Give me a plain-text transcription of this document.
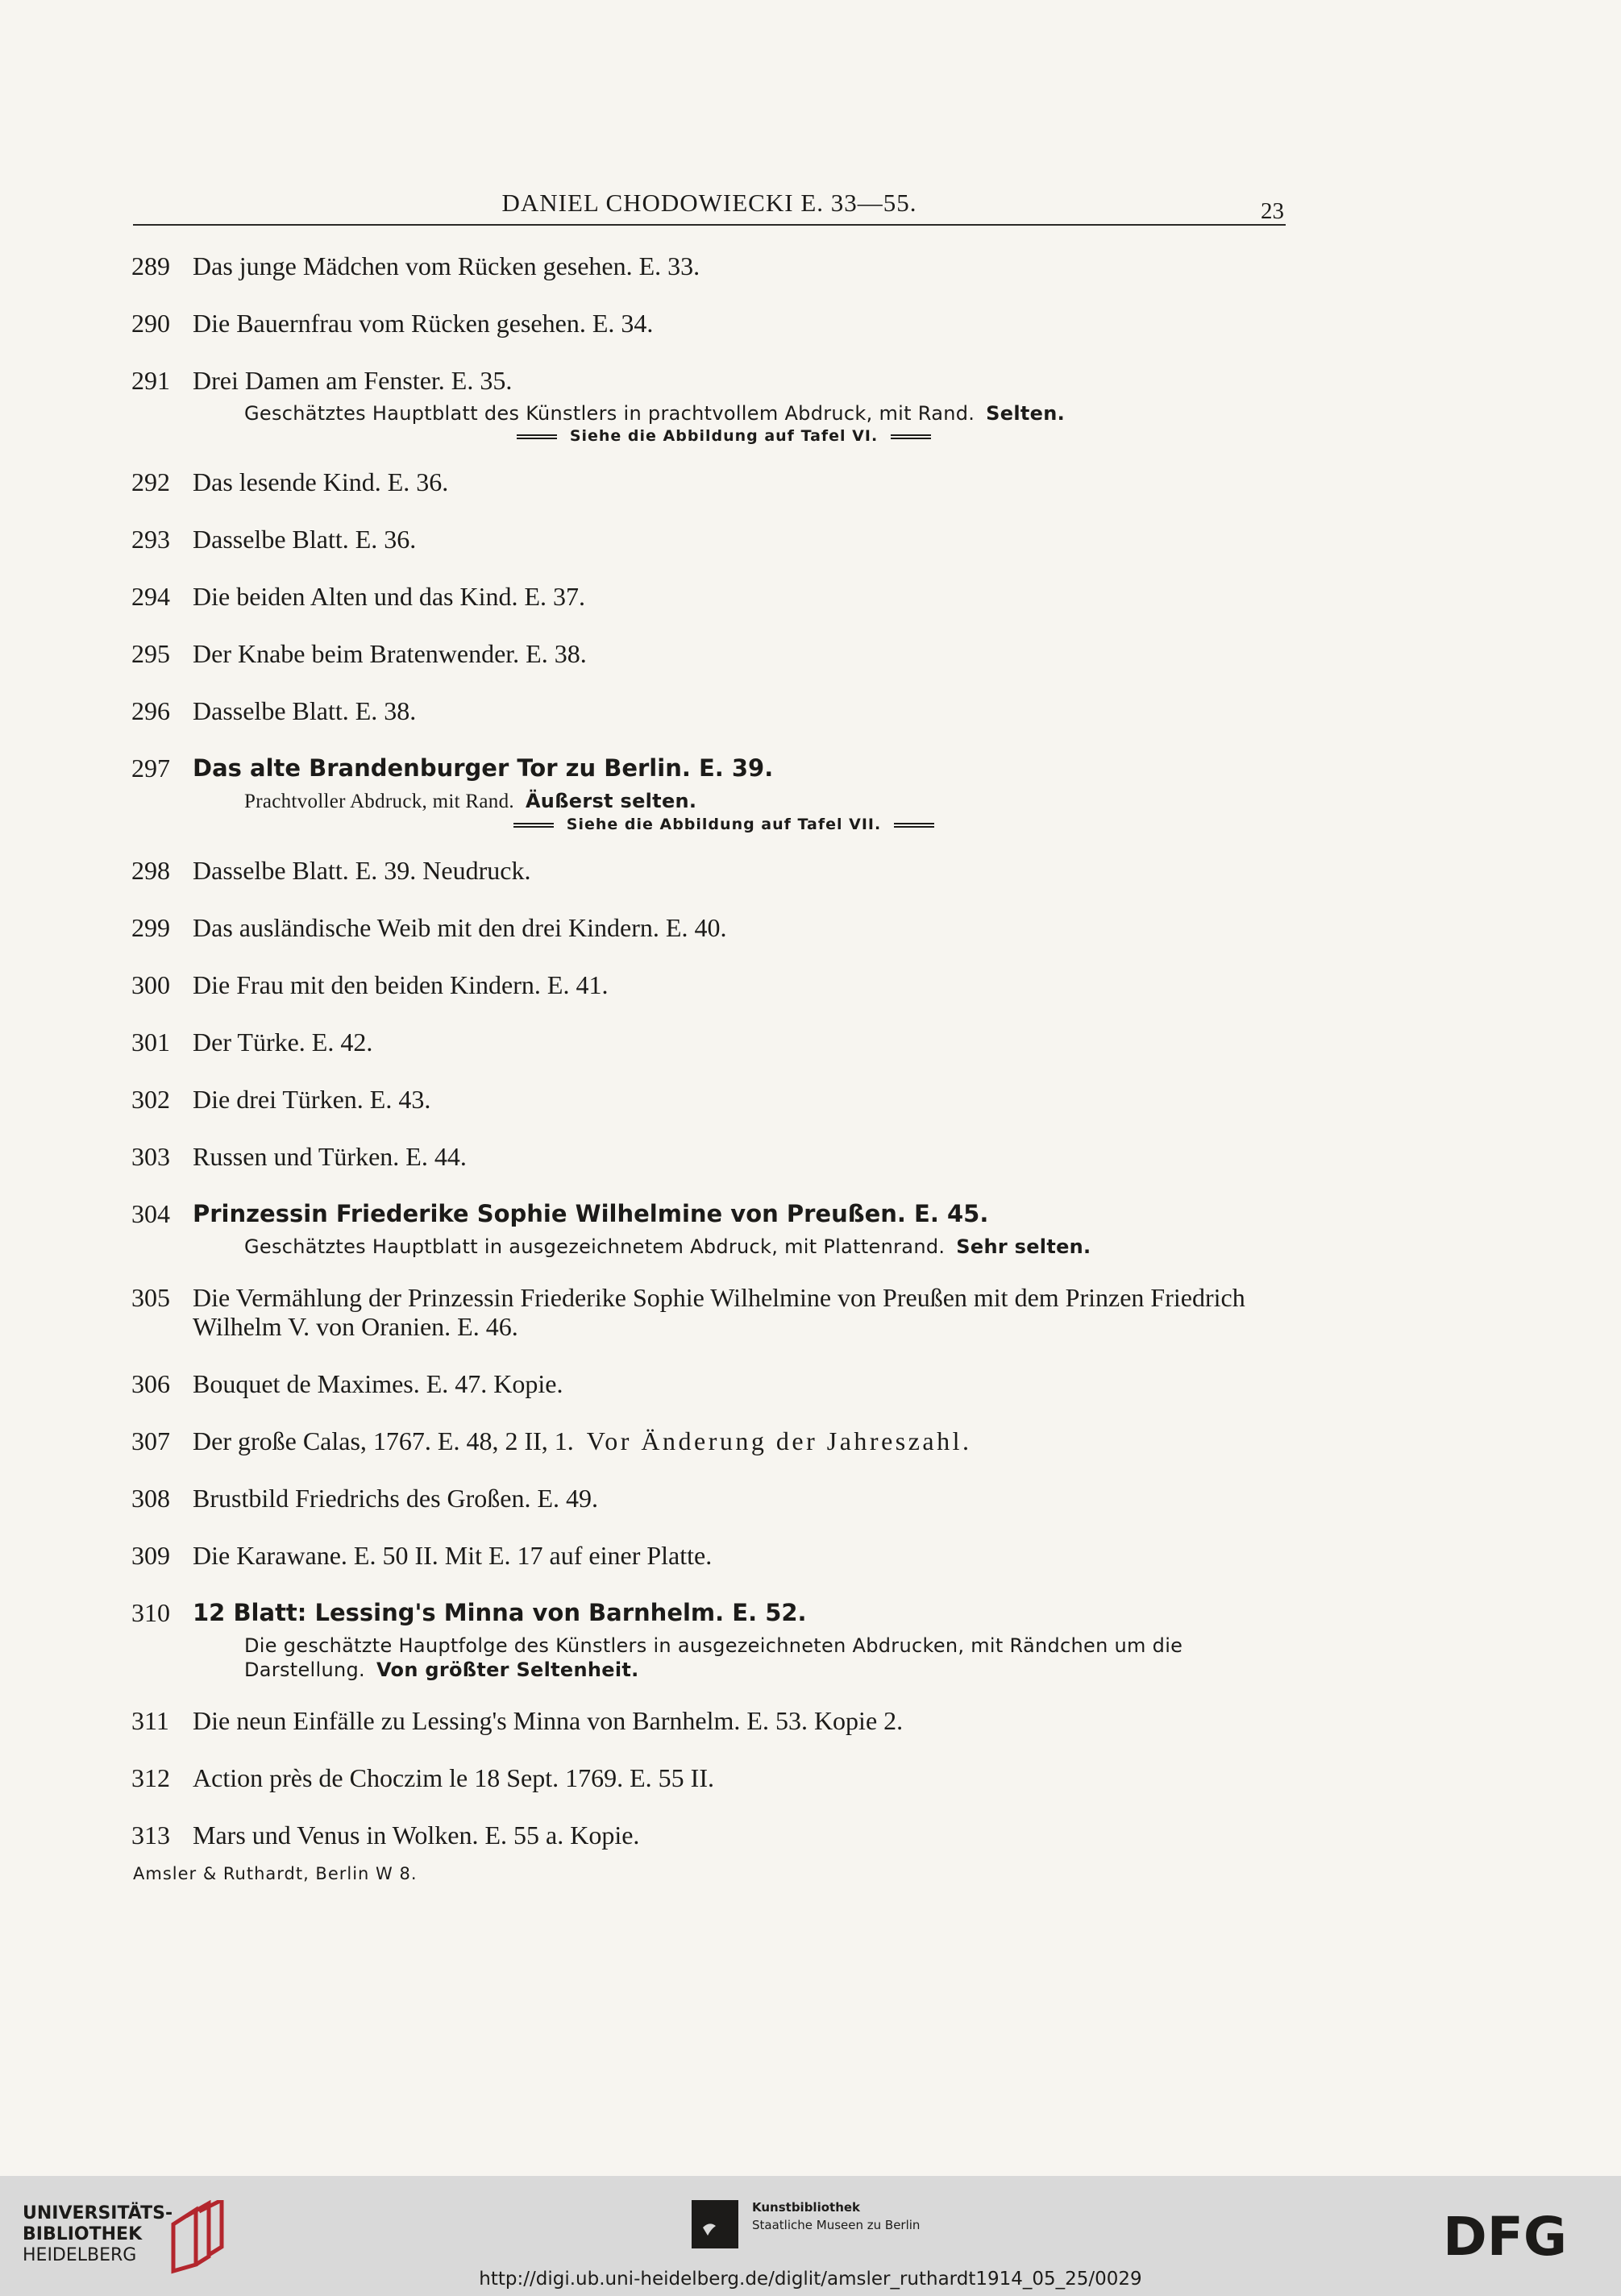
DANIEL CHODOWIECKI E. 33—55.	23
289 Das junge Mädchen vom Rücken gesehen. E. 33.
290 Die Bauernfrau vom Rücken gesehen. E. 34.
291 Drei Damen am Fenster. E. 35.
Geschätztes Hauptblatt des Künstlers in prachtvollem Abdruck, mit Rand. Selten.
Siehe die Abbildung auf Tafel VI.
292 Das lesende Kind. E. 36.
293 Dasselbe Blatt. E. 36.
294 Die beiden Alten und das Kind. E. 37.
295 Der Knabe beim Bratenwender. E. 38.
296 Dasselbe Blatt. E. 38.
297 Das alte Brandenburger Tor zu Berlin. E. 39.
Prachtvoller Abdruck, mit Rand. Äußerst selten.
Siehe die Abbildung auf Tafel VII.
298 Dasselbe Blatt. E. 39. Neudruck.
299 Das ausländische Weib mit den drei Kindern. E. 40.
300 Die Frau mit den beiden Kindern. E. 41.
301 Der Türke. E. 42.
302 Die drei Türken. E. 43.
303 Russen und Türken. E. 44.
304 Prinzessin Friederike Sophie Wilhelmine von Preußen. E. 45.
Geschätztes Hauptblatt in ausgezeichnetem Abdruck, mit Plattenrand. Sehr selten.
305 Die Vermählung der Prinzessin Friederike Sophie Wilhelmine von Preußen mit dem Prinzen Friedrich Wilhelm V. von Oranien. E. 46.
306 Bouquet de Maximes. E. 47. Kopie.
307 Der große Calas, 1767. E. 48, 2 II, 1. Vor Änderung der Jahreszahl.
308 Brustbild Friedrichs des Großen. E. 49.
309 Die Karawane. E. 50 II. Mit E. 17 auf einer Platte.
310 12 Blatt: Lessing's Minna von Barnhelm. E. 52.
Die geschätzte Hauptfolge des Künstlers in ausgezeichneten Abdrucken, mit Rändchen um die Darstellung. Von größter Seltenheit.
311 Die neun Einfälle zu Lessing's Minna von Barnhelm. E. 53. Kopie 2.
312 Action près de Choczim le 18 Sept. 1769. E. 55 II.
313 Mars und Venus in Wolken. E. 55 a. Kopie.
Amsler & Ruthardt, Berlin W 8.
UNIVERSITÄTS-
BIBLIOTHEK
HEIDELBERG
Kunstbibliothek
Staatliche Museen zu Berlin	DFG
http://digi.ub.uni-heidelberg.de/diglit/amsler_ruthardt1914_05_25/0029
